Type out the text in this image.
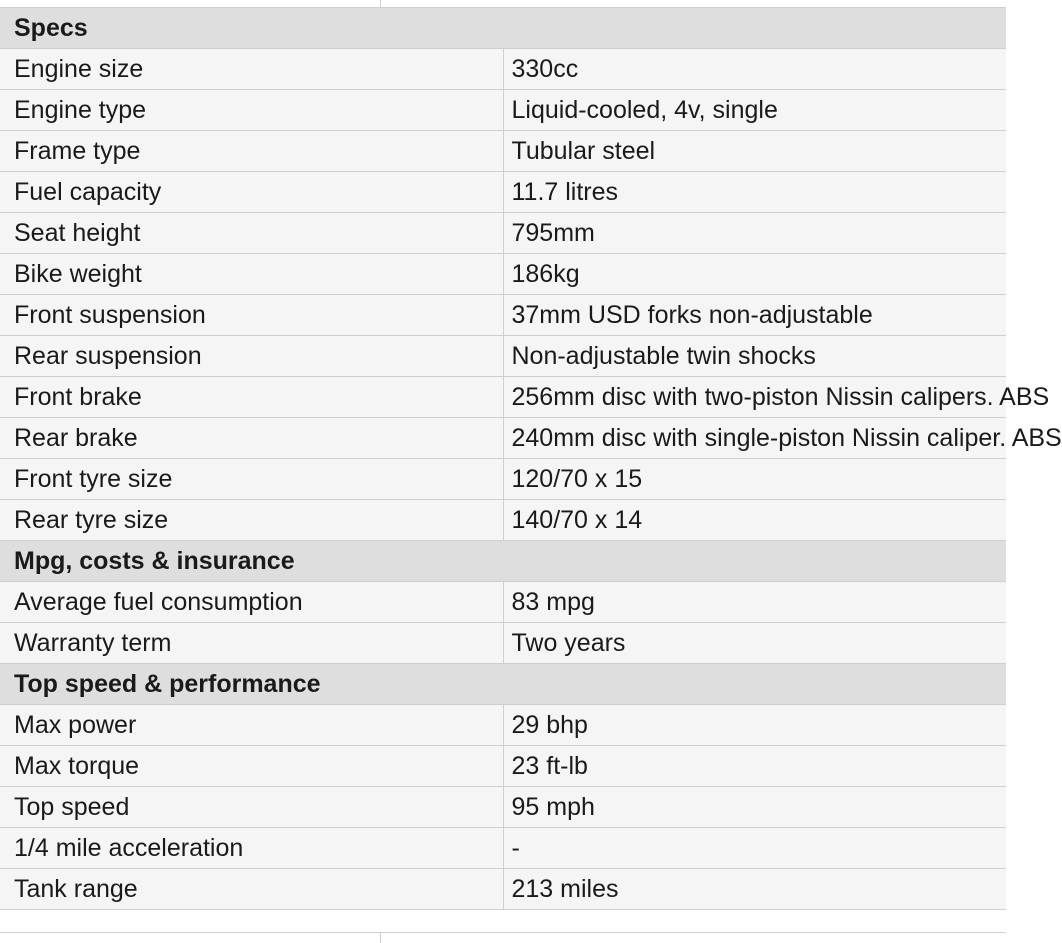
Specs	
Engine size	330cc
Engine type	Liquid-cooled, 4v, single
Frame type	Tubular steel
Fuel capacity	11.7 litres
Seat height	795mm
Bike weight	186kg
Front suspension	37mm USD forks non-adjustable
Rear suspension	Non-adjustable twin shocks
Front brake	256mm disc with two-piston Nissin calipers. ABS
Rear brake	240mm disc with single-piston Nissin caliper. ABS
Front tyre size	120/70 x 15
Rear tyre size	140/70 x 14
Mpg, costs & insurance	
Average fuel consumption	83 mpg
Warranty term	Two years
Top speed & performance	
Max power	29 bhp
Max torque	23 ft-lb
Top speed	95 mph
1/4 mile acceleration	-
Tank range	213 miles
